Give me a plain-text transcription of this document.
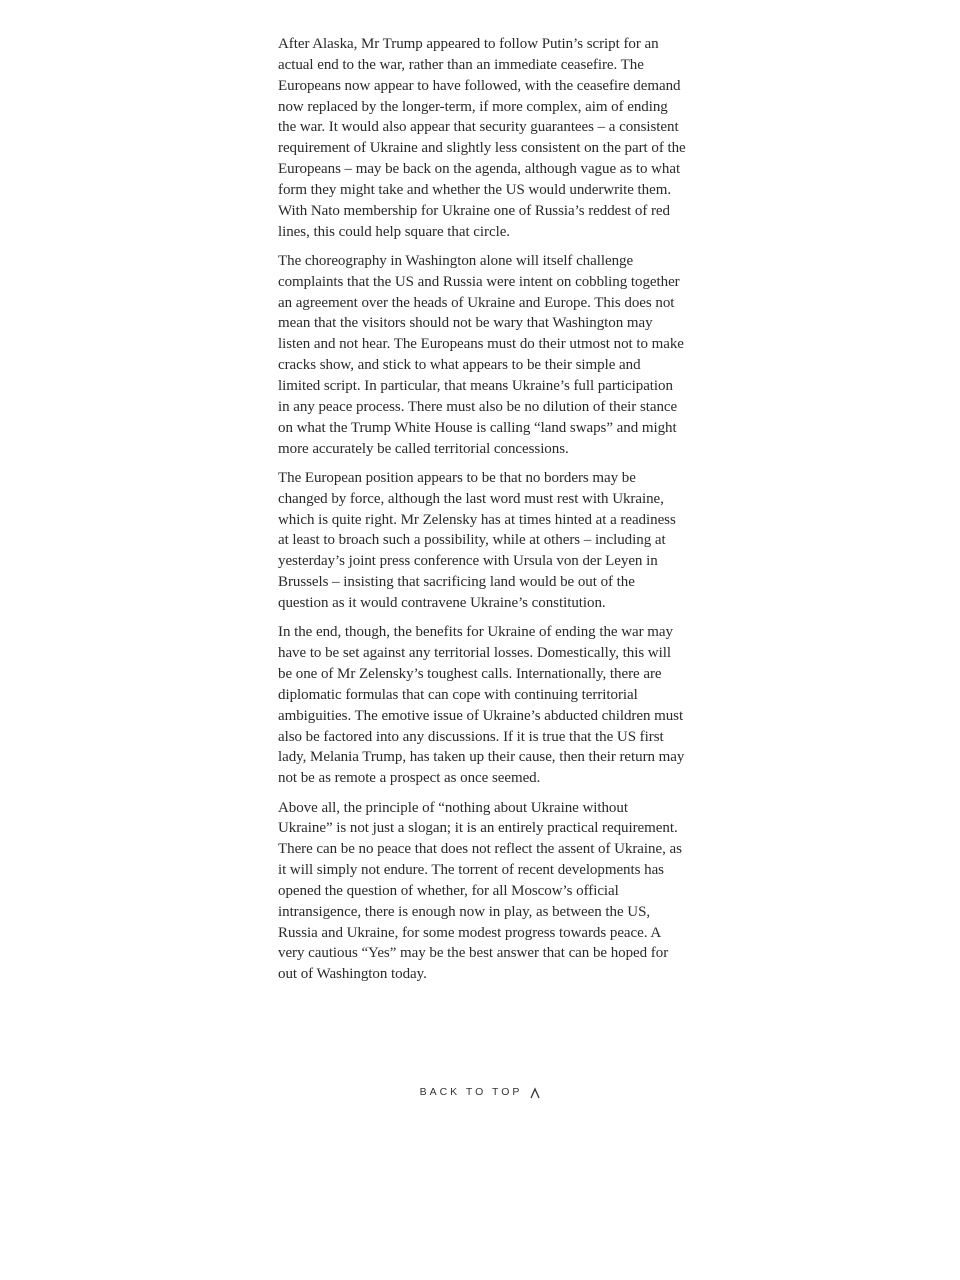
After Alaska, Mr Trump appeared to follow Putin’s script for an actual end to the war, rather than an immediate ceasefire. The Europeans now appear to have followed, with the ceasefire demand now replaced by the longer-term, if more complex, aim of ending the war. It would also appear that security guarantees – a consistent requirement of Ukraine and slightly less consistent on the part of the Europeans – may be back on the agenda, although vague as to what form they might take and whether the US would underwrite them. With Nato membership for Ukraine one of Russia’s reddest of red lines, this could help square that circle.

The choreography in Washington alone will itself challenge complaints that the US and Russia were intent on cobbling together an agreement over the heads of Ukraine and Europe. This does not mean that the visitors should not be wary that Washington may listen and not hear. The Europeans must do their utmost not to make cracks show, and stick to what appears to be their simple and limited script. In particular, that means Ukraine’s full participation in any peace process. There must also be no dilution of their stance on what the Trump White House is calling “land swaps” and might more accurately be called territorial concessions.

The European position appears to be that no borders may be changed by force, although the last word must rest with Ukraine, which is quite right. Mr Zelensky has at times hinted at a readiness at least to broach such a possibility, while at others – including at yesterday’s joint press conference with Ursula von der Leyen in Brussels – insisting that sacrificing land would be out of the question as it would contravene Ukraine’s constitution.

In the end, though, the benefits for Ukraine of ending the war may have to be set against any territorial losses. Domestically, this will be one of Mr Zelensky’s toughest calls. Internationally, there are diplomatic formulas that can cope with continuing territorial ambiguities. The emotive issue of Ukraine’s abducted children must also be factored into any discussions. If it is true that the US first lady, Melania Trump, has taken up their cause, then their return may not be as remote a prospect as once seemed.

Above all, the principle of “nothing about Ukraine without Ukraine” is not just a slogan; it is an entirely practical requirement. There can be no peace that does not reflect the assent of Ukraine, as it will simply not endure. The torrent of recent developments has opened the question of whether, for all Moscow’s official intransigence, there is enough now in play, as between the US, Russia and Ukraine, for some modest progress towards peace. A very cautious “Yes” may be the best answer that can be hoped for out of Washington today.

BACK TO TOP
